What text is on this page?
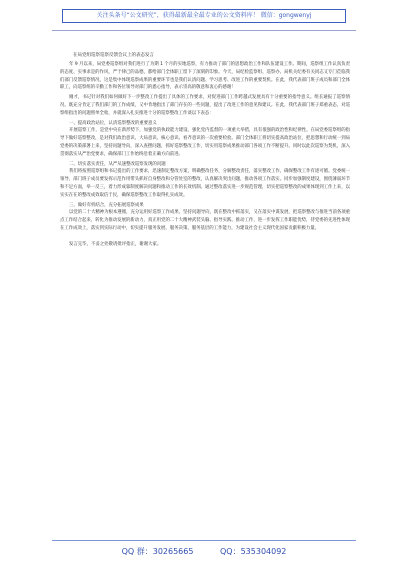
关注头条号“公文研究”，获得最新最全最专业的公文资料库！ 微信：gongwenyj
在局党组巡察巡察反馈会议上的表态发言
年 9 月以来，局党委巡察组对我们进行了为期 1 个月的实地巡察，有力推动了部门的思想政治工作和队伍建设工作。期间，巡察组工作认真负责的态度、实事求是的作风，严于律己的品德，都给部门全体职工留下了深刻的印象。今天，局纪检监察组、巡察办、局机关纪委有关同志又专门莅临我们部门反馈巡察情况，这是集中体现巡察成果的重要环节也是我们认清问题、学习思考、改进工作的重要契机。在此，我代表部门班子成员和部门全体职工，向巡察组的辛勤工作和各位领导对部门的悉心指导，表示崇高的敬意和衷心的感谢！
刚才，书记针对我们如何做好下一步整改工作提出了具体的工作要求，对促进部门工作跨越式发展具有十分重要的指导意义。组长通报了巡察情况，既充分肯定了我们部门的工作成绩，又中肯地指出了部门存在的一些问题，提出了改进工作的意见和建议。在此，我代表部门班子郑重表态，对巡察组指出的问题照单全收，并就深入扎实推进十分的巡察整改工作谈以下表态：
一、提高政治站位，认清巡察整改的重要意义
开展巡察工作，是党中央在新形势下，加强党的执政能力建设、强化党内监督的一项重大举措，具有很强的政治性和纪律性。在局党委巡察组的指导下做好巡察整改，是对我们政治意识、大局意识、核心意识、看齐意识的一次重要检验。部门全体职工将切实提高政治站位，把思想和行动统一到局党委的决策部署上来，坚持问题导向，深入查摆问题，抓好巡察整改工作，切实用巡察成果推动部门各项工作不断提升。同时以此次巡察为契机，深入贯彻落实从严治党要求，确保部门工作始终沿着正确方向前进。
二、切实落实责任，从严从速整改巡察发现的问题
我们将按照巡察组和书记提出的工作要求，迅速制定整改方案，明确整改任务，分解整改责任，落实整改工作，确保整改工作有迹可循。党委统一领导，部门班子成员要发挥示范作用带头抓好自身整改和分管处室的整改，认真解决突出问题，推动各项工作落实。同步加强制度建设，围绕薄弱环节和不足方面，举一反三，着力形成靠制度解决问题和推动工作的长效机制。通过整改落实进一步规范管理，切实把巡察整改的成果体现到工作上来，以实实在在的整改成效取信于民，确保巡察整改工作取得扎实成效。
三、做好有机结合，充分拓展巡察成果
以党的二十大精神为根本遵循，充分运用好巡察工作成果，坚持问题导向，既在整改中抓落实，又在落实中谋发展，把巡察整改与推进当前各项重点工作结合起来，转化为推动发展的新动力，真正用党的二十大精神武装头脑、指导实践、推动工作，进一步发挥工作职能优势，待党委的先进性体现在工作成效上，落实到实际行动中，切实提升服务发展、服务决策、服务基层的工作能力，为建设社会主义现代化国家贡献积极力量。
发言完毕，不妥之处敬请批评指正，谢谢大家。
QQ 群：30265665	QQ：535304092
